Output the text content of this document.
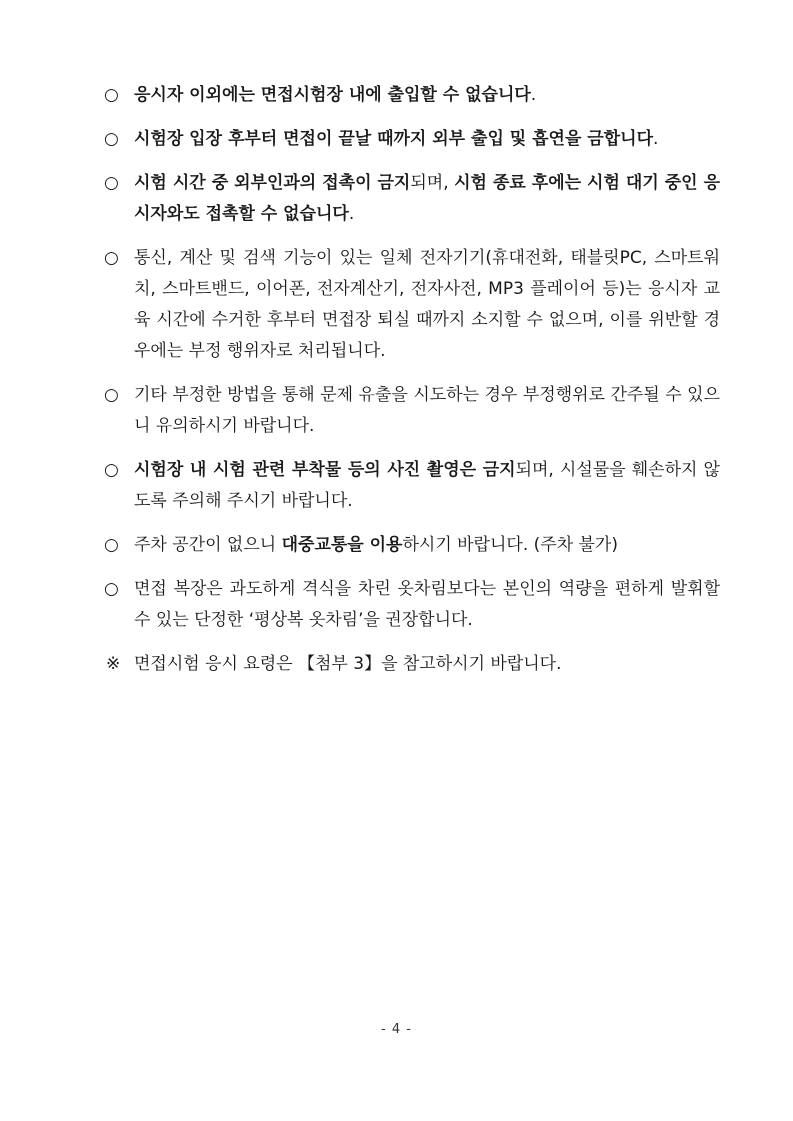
○ 응시자 이외에는 면접시험장 내에 출입할 수 없습니다.
○ 시험장 입장 후부터 면접이 끝날 때까지 외부 출입 및 흡연을 금합니다.
○ 시험 시간 중 외부인과의 접촉이 금지되며, 시험 종료 후에는 시험 대기 중인 응시자와도 접촉할 수 없습니다.
○ 통신, 계산 및 검색 기능이 있는 일체 전자기기(휴대전화, 태블릿PC, 스마트워치, 스마트밴드, 이어폰, 전자계산기, 전자사전, MP3 플레이어 등)는 응시자 교육 시간에 수거한 후부터 면접장 퇴실 때까지 소지할 수 없으며, 이를 위반할 경우에는 부정 행위자로 처리됩니다.
○ 기타 부정한 방법을 통해 문제 유출을 시도하는 경우 부정행위로 간주될 수 있으니 유의하시기 바랍니다.
○ 시험장 내 시험 관련 부착물 등의 사진 촬영은 금지되며, 시설물을 훼손하지 않도록 주의해 주시기 바랍니다.
○ 주차 공간이 없으니 대중교통을 이용하시기 바랍니다. (주차 불가)
○ 면접 복장은 과도하게 격식을 차린 옷차림보다는 본인의 역량을 편하게 발휘할 수 있는 단정한 ‘평상복 옷차림’을 권장합니다.
※ 면접시험 응시 요령은 【첨부 3】을 참고하시기 바랍니다.
- 4 -
